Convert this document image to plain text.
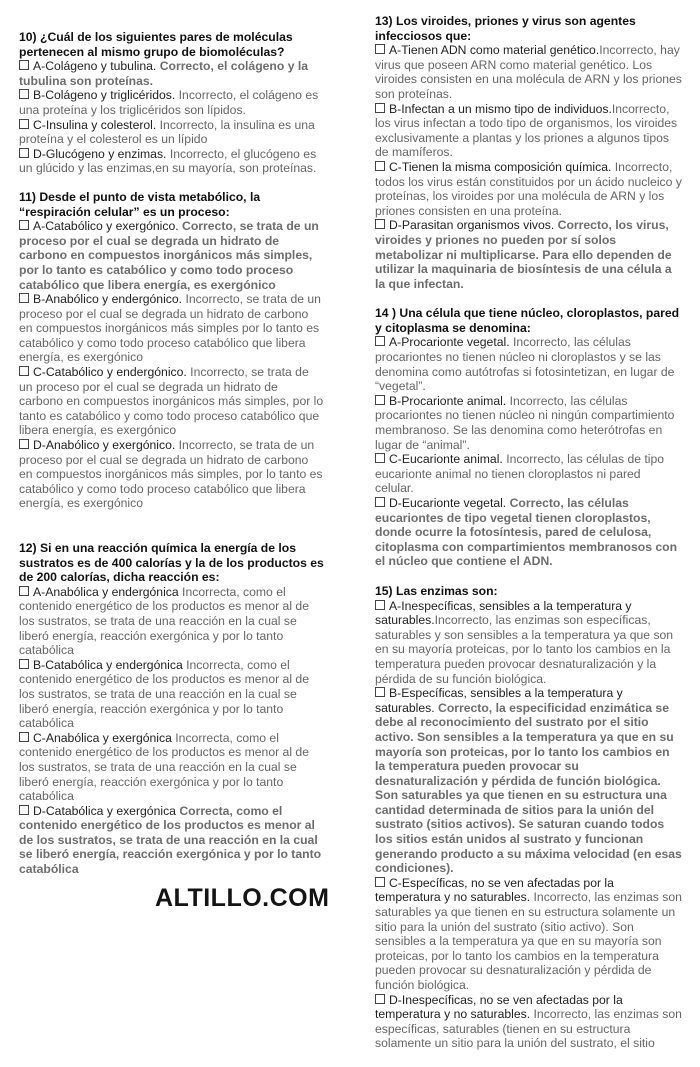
10) ¿Cuál de los siguientes pares de moléculas pertenecen al mismo grupo de biomoléculas?

A-Colágeno y tubulina. Correcto, el colágeno y la tubulina son proteínas.

B-Colágeno y triglicéridos. Incorrecto, el colágeno es una proteína y los triglicéridos son lípidos.

C-Insulina y colesterol. Incorrecto, la insulina es una proteína y el colesterol es un lípido

D-Glucógeno y enzimas. Incorrecto, el glucógeno es un glúcido y las enzimas,en su mayoría, son proteínas.

11) Desde el punto de vista metabólico, la “respiración celular” es un proceso:

A-Catabólico y exergónico. Correcto, se trata de un proceso por el cual se degrada un hidrato de carbono en compuestos inorgánicos más simples, por lo tanto es catabólico y como todo proceso catabólico que libera energía, es exergónico

B-Anabólico y endergónico. Incorrecto, se trata de un proceso por el cual se degrada un hidrato de carbono en compuestos inorgánicos más simples por lo tanto es catabólico y como todo proceso catabólico que libera energía, es exergónico

C-Catabólico y endergónico. Incorrecto, se trata de un proceso por el cual se degrada un hidrato de carbono en compuestos inorgánicos más simples, por lo tanto es catabólico y como todo proceso catabólico que libera energía, es exergónico

D-Anabólico y exergónico. Incorrecto, se trata de un proceso por el cual se degrada un hidrato de carbono en compuestos inorgánicos más simples, por lo tanto es catabólico y como todo proceso catabólico que libera energía, es exergónico

12) Si en una reacción química la energía de los sustratos es de 400 calorías y la de los productos es de 200 calorías, dicha reacción es:

A-Anabólica y endergónica Incorrecta, como el contenido energético de los productos es menor al de los sustratos, se trata de una reacción en la cual se liberó energía, reacción exergónica y por lo tanto catabólica

B-Catabólica y endergónica Incorrecta, como el contenido energético de los productos es menor al de los sustratos, se trata de una reacción en la cual se liberó energía, reacción exergónica y por lo tanto catabólica

C-Anabólica y exergónica Incorrecta, como el contenido energético de los productos es menor al de los sustratos, se trata de una reacción en la cual se liberó energía, reacción exergónica y por lo tanto catabólica

D-Catabólica y exergónica Correcta, como el contenido energético de los productos es menor al de los sustratos, se trata de una reacción en la cual se liberó energía, reacción exergónica y por lo tanto catabólica

ALTILLO.COM
13) Los viroides, priones y virus son agentes infecciosos que:

A-Tienen ADN como material genético.Incorrecto, hay virus que poseen ARN como material genético. Los viroides consisten en una molécula de ARN y los priones son proteínas.

B-Infectan a un mismo tipo de individuos.Incorrecto, los virus infectan a todo tipo de organismos, los viroides exclusivamente a plantas y los priones a algunos tipos de mamíferos.

C-Tienen la misma composición química. Incorrecto, todos los virus están constituidos por un ácido nucleico y proteínas, los viroides por una molécula de ARN y los priones consisten en una proteína.

D-Parasitan organismos vivos. Correcto, los virus, viroides y priones no pueden por sí solos metabolizar ni multiplicarse. Para ello dependen de utilizar la maquinaria de biosíntesis de una célula a la que infectan.

14 ) Una célula que tiene núcleo, cloroplastos, pared y citoplasma se denomina:

A-Procarionte vegetal. Incorrecto, las células procariontes no tienen núcleo ni cloroplastos y se las denomina como autótrofas si fotosintetizan, en lugar de “vegetal”.

B-Procarionte animal. Incorrecto, las células procariontes no tienen núcleo ni ningún compartimiento membranoso. Se las denomina como heterótrofas en lugar de “animal”.

C-Eucarionte animal. Incorrecto, las células de tipo eucarionte animal no tienen cloroplastos ni pared celular.

D-Eucarionte vegetal. Correcto, las células eucariontes de tipo vegetal tienen cloroplastos, donde ocurre la fotosíntesis, pared de celulosa, citoplasma con compartimientos membranosos con el núcleo que contiene el ADN.

15) Las enzimas son:

A-Inespecíficas, sensibles a la temperatura y saturables.Incorrecto, las enzimas son específicas, saturables y son sensibles a la temperatura ya que son en su mayoría proteicas, por lo tanto los cambios en la temperatura pueden provocar desnaturalización y la pérdida de su función biológica.

B-Específicas, sensibles a la temperatura y saturables. Correcto, la especificidad enzimática se debe al reconocimiento del sustrato por el sitio activo. Son sensibles a la temperatura ya que en su mayoría son proteicas, por lo tanto los cambios en la temperatura pueden provocar su desnaturalización y pérdida de función biológica. Son saturables ya que tienen en su estructura una cantidad determinada de sitios para la unión del sustrato (sitios activos). Se saturan cuando todos los sitios están unidos al sustrato y funcionan generando producto a su máxima velocidad (en esas condiciones).

C-Específicas, no se ven afectadas por la temperatura y no saturables. Incorrecto, las enzimas son saturables ya que tienen en su estructura solamente un sitio para la unión del sustrato (sitio activo). Son sensibles a la temperatura ya que en su mayoría son proteicas, por lo tanto los cambios en la temperatura pueden provocar su desnaturalización y pérdida de función biológica.

D-Inespecíficas, no se ven afectadas por la temperatura y no saturables. Incorrecto, las enzimas son específicas, saturables (tienen en su estructura solamente un sitio para la unión del sustrato, el sitio
